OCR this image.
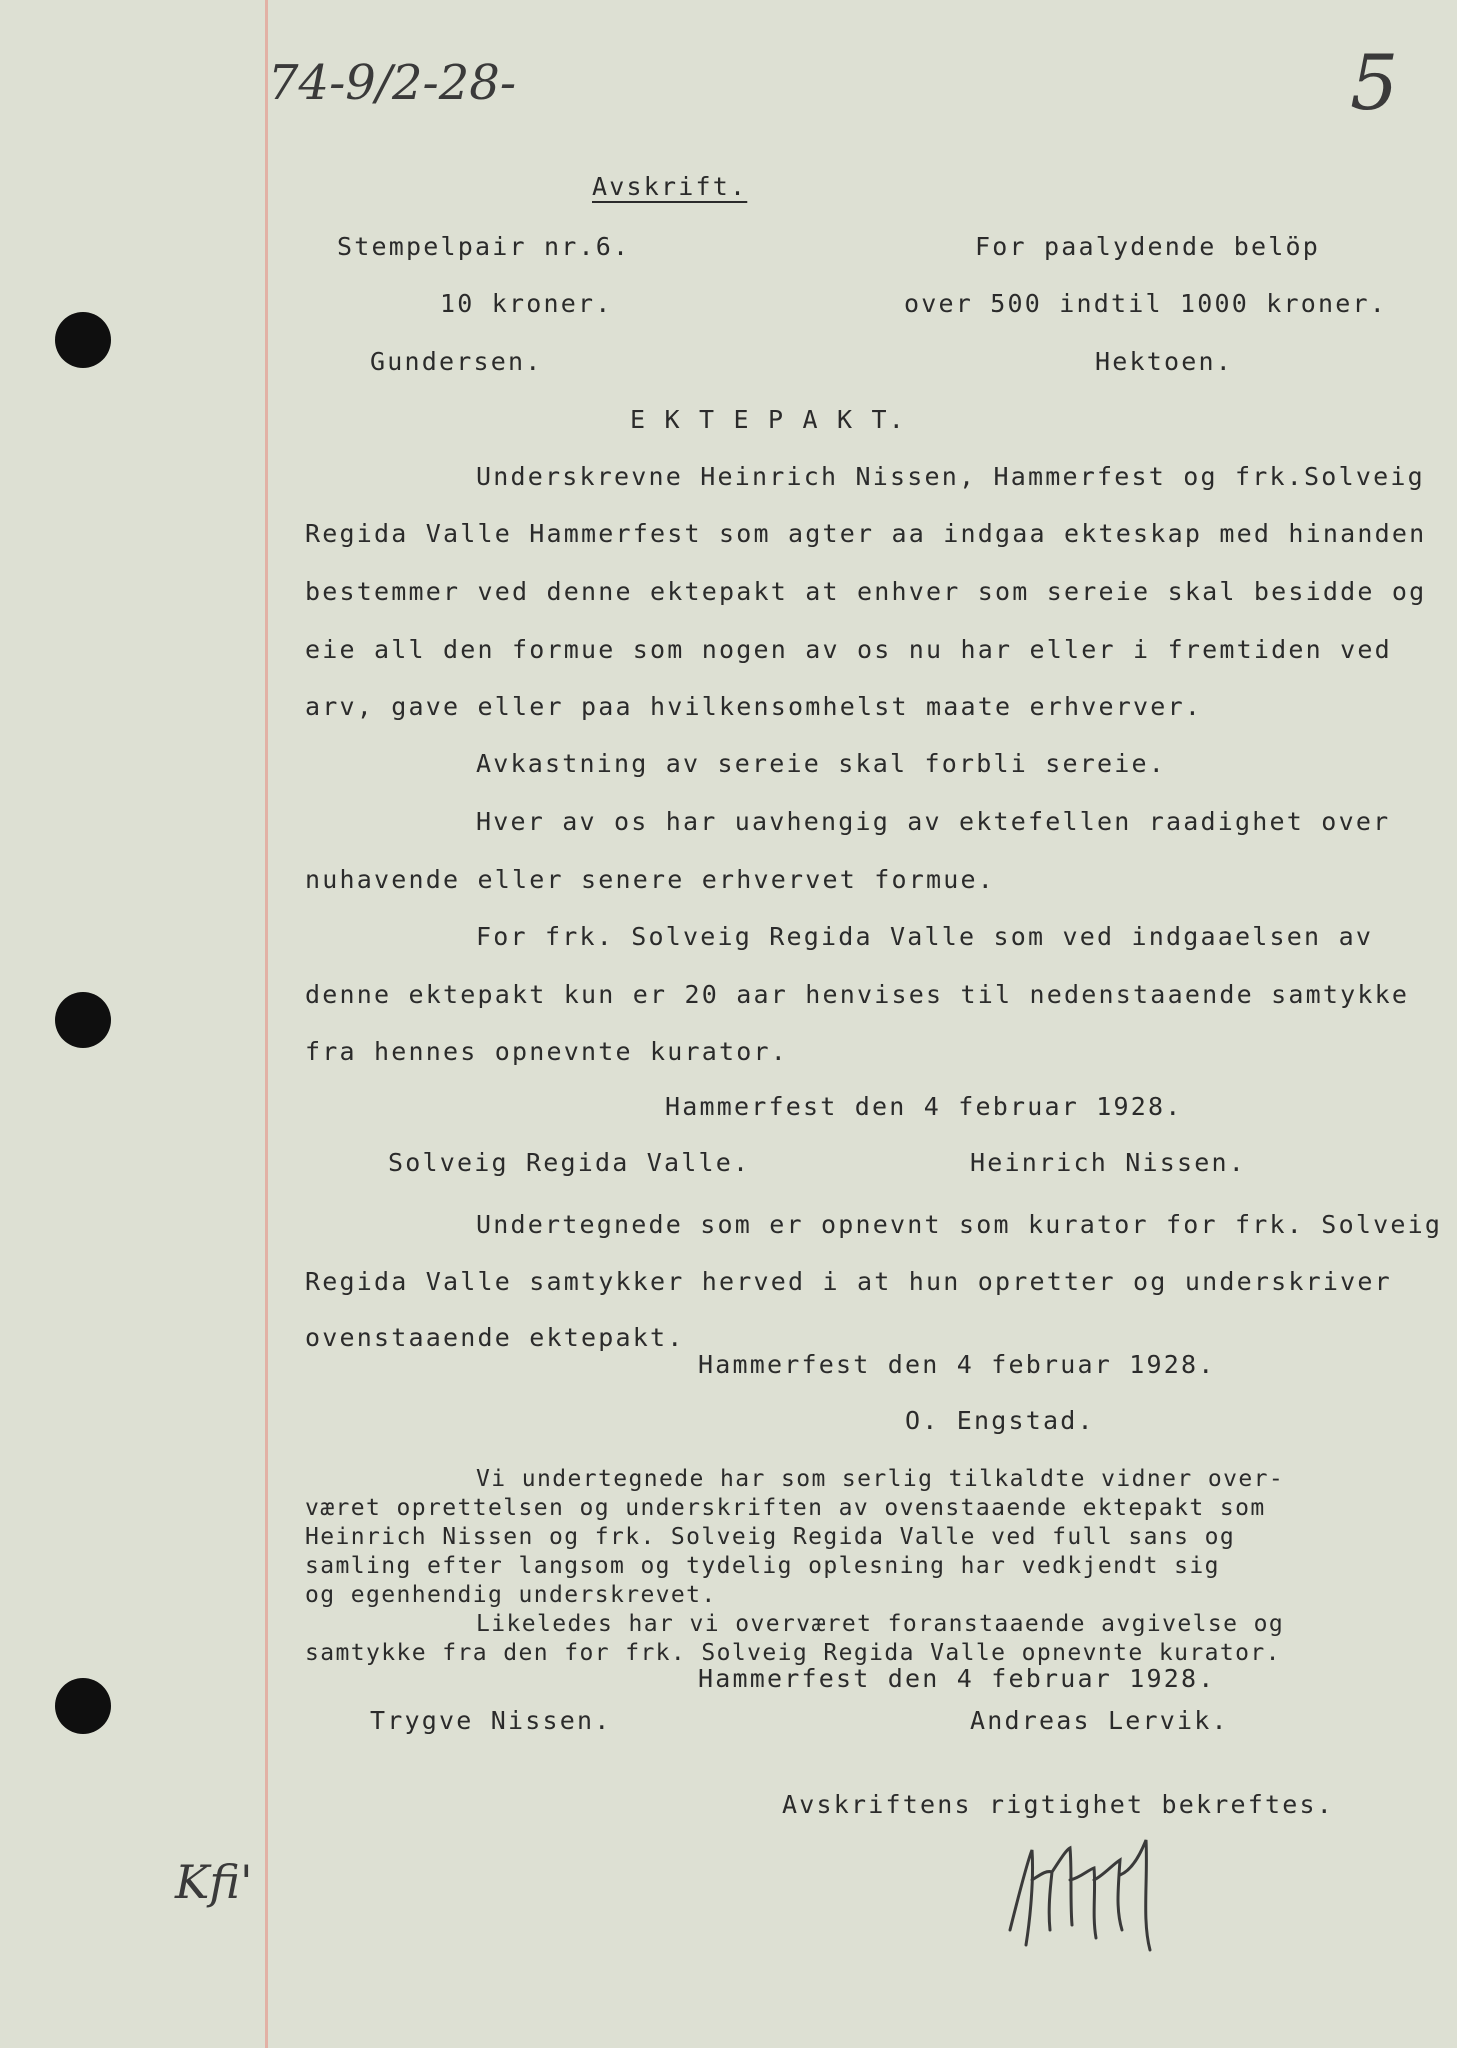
74-9/2-28-	5
Kfi'
Avskrift.
Stempelpair nr.6.
10 kroner.
Gundersen.
For paalydende belöp
over 500 indtil 1000 kroner.
Hektoen.
E K T E P A K T.
Underskrevne Heinrich Nissen, Hammerfest og frk.Solveig
Regida Valle Hammerfest som agter aa indgaa ekteskap med hinanden
bestemmer ved denne ektepakt at enhver som sereie skal besidde og
eie all den formue som nogen av os nu har eller i fremtiden ved
arv, gave eller paa hvilkensomhelst maate erhverver.
Avkastning av sereie skal forbli sereie.
Hver av os har uavhengig av ektefellen raadighet over
nuhavende eller senere erhvervet formue.
For frk. Solveig Regida Valle som ved indgaaelsen av
denne ektepakt kun er 20 aar henvises til nedenstaaende samtykke
fra hennes opnevnte kurator.
Hammerfest den 4 februar 1928.
Solveig Regida Valle.	Heinrich Nissen.
Undertegnede som er opnevnt som kurator for frk. Solveig
Regida Valle samtykker herved i at hun opretter og underskriver
ovenstaaende ektepakt.
Hammerfest den 4 februar 1928.
O. Engstad.
Vi undertegnede har som serlig tilkaldte vidner over-
været oprettelsen og underskriften av ovenstaaende ektepakt som
Heinrich Nissen og frk. Solveig Regida Valle ved full sans og
samling efter langsom og tydelig oplesning har vedkjendt sig
og egenhendig underskrevet.
Likeledes har vi overværet foranstaaende avgivelse og
samtykke fra den for frk. Solveig Regida Valle opnevnte kurator.
Hammerfest den 4 februar 1928.
Trygve Nissen.	Andreas Lervik.
Avskriftens rigtighet bekreftes.
